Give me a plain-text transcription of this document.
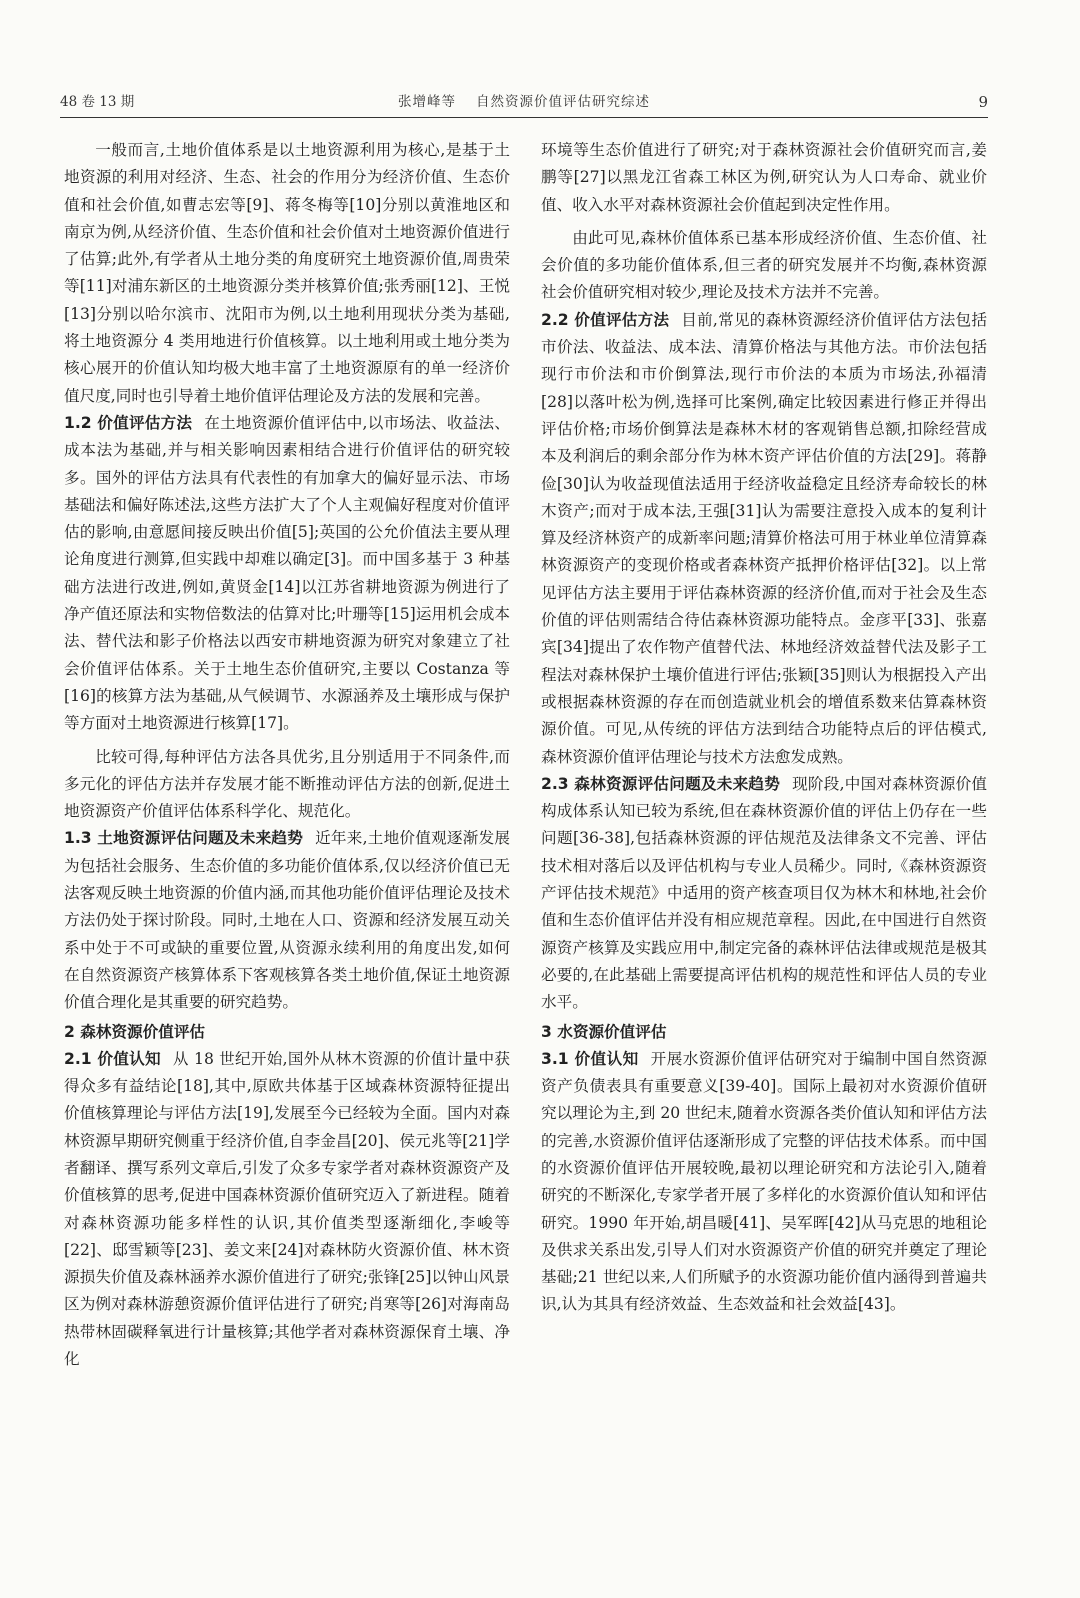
48 卷 13 期	张增峰等 自然资源价值评估研究综述	9

一般而言,土地价值体系是以土地资源利用为核心,是基于土地资源的利用对经济、生态、社会的作用分为经济价值、生态价值和社会价值,如曹志宏等[9]、蒋冬梅等[10]分别以黄淮地区和南京为例,从经济价值、生态价值和社会价值对土地资源价值进行了估算;此外,有学者从土地分类的角度研究土地资源价值,周贵荣等[11]对浦东新区的土地资源分类并核算价值;张秀丽[12]、王悦[13]分别以哈尔滨市、沈阳市为例,以土地利用现状分类为基础,将土地资源分 4 类用地进行价值核算。以土地利用或土地分类为核心展开的价值认知均极大地丰富了土地资源原有的单一经济价值尺度,同时也引导着土地价值评估理论及方法的发展和完善。

1.2 价值评估方法 在土地资源价值评估中,以市场法、收益法、成本法为基础,并与相关影响因素相结合进行价值评估的研究较多。国外的评估方法具有代表性的有加拿大的偏好显示法、市场基础法和偏好陈述法,这些方法扩大了个人主观偏好程度对价值评估的影响,由意愿间接反映出价值[5];英国的公允价值法主要从理论角度进行测算,但实践中却难以确定[3]。而中国多基于 3 种基础方法进行改进,例如,黄贤金[14]以江苏省耕地资源为例进行了净产值还原法和实物倍数法的估算对比;叶珊等[15]运用机会成本法、替代法和影子价格法以西安市耕地资源为研究对象建立了社会价值评估体系。关于土地生态价值研究,主要以 Costanza 等[16]的核算方法为基础,从气候调节、水源涵养及土壤形成与保护等方面对土地资源进行核算[17]。

比较可得,每种评估方法各具优劣,且分别适用于不同条件,而多元化的评估方法并存发展才能不断推动评估方法的创新,促进土地资源资产价值评估体系科学化、规范化。

1.3 土地资源评估问题及未来趋势 近年来,土地价值观逐渐发展为包括社会服务、生态价值的多功能价值体系,仅以经济价值已无法客观反映土地资源的价值内涵,而其他功能价值评估理论及技术方法仍处于探讨阶段。同时,土地在人口、资源和经济发展互动关系中处于不可或缺的重要位置,从资源永续利用的角度出发,如何在自然资源资产核算体系下客观核算各类土地价值,保证土地资源价值合理化是其重要的研究趋势。

2 森林资源价值评估

2.1 价值认知 从 18 世纪开始,国外从林木资源的价值计量中获得众多有益结论[18],其中,原欧共体基于区域森林资源特征提出价值核算理论与评估方法[19],发展至今已经较为全面。国内对森林资源早期研究侧重于经济价值,自李金昌[20]、侯元兆等[21]学者翻译、撰写系列文章后,引发了众多专家学者对森林资源资产及价值核算的思考,促进中国森林资源价值研究迈入了新进程。随着对森林资源功能多样性的认识,其价值类型逐渐细化,李峻等[22]、邸雪颖等[23]、姜文来[24]对森林防火资源价值、林木资源损失价值及森林涵养水源价值进行了研究;张锋[25]以钟山风景区为例对森林游憩资源价值评估进行了研究;肖寒等[26]对海南岛热带林固碳释氧进行计量核算;其他学者对森林资源保育土壤、净化

环境等生态价值进行了研究;对于森林资源社会价值研究而言,姜鹏等[27]以黑龙江省森工林区为例,研究认为人口寿命、就业价值、收入水平对森林资源社会价值起到决定性作用。

由此可见,森林价值体系已基本形成经济价值、生态价值、社会价值的多功能价值体系,但三者的研究发展并不均衡,森林资源社会价值研究相对较少,理论及技术方法并不完善。

2.2 价值评估方法 目前,常见的森林资源经济价值评估方法包括市价法、收益法、成本法、清算价格法与其他方法。市价法包括现行市价法和市价倒算法,现行市价法的本质为市场法,孙福清[28]以落叶松为例,选择可比案例,确定比较因素进行修正并得出评估价格;市场价倒算法是森林木材的客观销售总额,扣除经营成本及利润后的剩余部分作为林木资产评估价值的方法[29]。蒋静俭[30]认为收益现值法适用于经济收益稳定且经济寿命较长的林木资产;而对于成本法,王强[31]认为需要注意投入成本的复利计算及经济林资产的成新率问题;清算价格法可用于林业单位清算森林资源资产的变现价格或者森林资产抵押价格评估[32]。以上常见评估方法主要用于评估森林资源的经济价值,而对于社会及生态价值的评估则需结合待估森林资源功能特点。金彦平[33]、张嘉宾[34]提出了农作物产值替代法、林地经济效益替代法及影子工程法对森林保护土壤价值进行评估;张颖[35]则认为根据投入产出或根据森林资源的存在而创造就业机会的增值系数来估算森林资源价值。可见,从传统的评估方法到结合功能特点后的评估模式,森林资源价值评估理论与技术方法愈发成熟。

2.3 森林资源评估问题及未来趋势 现阶段,中国对森林资源价值构成体系认知已较为系统,但在森林资源价值的评估上仍存在一些问题[36-38],包括森林资源的评估规范及法律条文不完善、评估技术相对落后以及评估机构与专业人员稀少。同时,《森林资源资产评估技术规范》中适用的资产核查项目仅为林木和林地,社会价值和生态价值评估并没有相应规范章程。因此,在中国进行自然资源资产核算及实践应用中,制定完备的森林评估法律或规范是极其必要的,在此基础上需要提高评估机构的规范性和评估人员的专业水平。

3 水资源价值评估

3.1 价值认知 开展水资源价值评估研究对于编制中国自然资源资产负债表具有重要意义[39-40]。国际上最初对水资源价值研究以理论为主,到 20 世纪末,随着水资源各类价值认知和评估方法的完善,水资源价值评估逐渐形成了完整的评估技术体系。而中国的水资源价值评估开展较晚,最初以理论研究和方法论引入,随着研究的不断深化,专家学者开展了多样化的水资源价值认知和评估研究。1990 年开始,胡昌暖[41]、吴军晖[42]从马克思的地租论及供求关系出发,引导人们对水资源资产价值的研究并奠定了理论基础;21 世纪以来,人们所赋予的水资源功能价值内涵得到普遍共识,认为其具有经济效益、生态效益和社会效益[43]。
